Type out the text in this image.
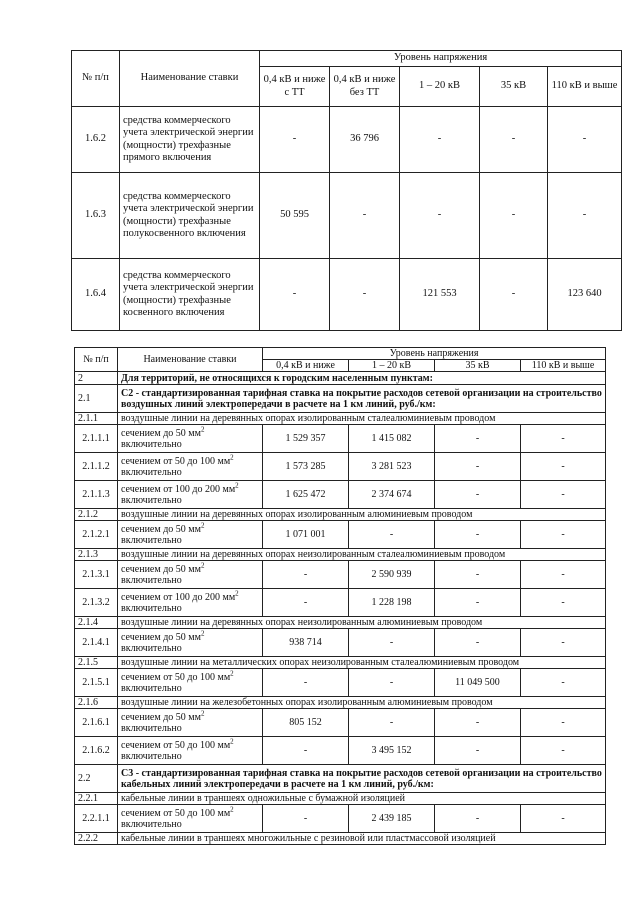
№ п/п	Наименование ставки	Уровень напряжения				
		0,4 кВ и ниже с ТТ	0,4 кВ и ниже без ТТ	1 – 20 кВ	35 кВ	110 кВ и выше
1.6.2	средства коммерческого учета электрической энергии (мощности) трехфазные прямого включения	-	36 796	-	-	-
1.6.3	средства коммерческого учета электрической энергии (мощности) трехфазные полукосвенного включения	50 595	-	-	-	-
1.6.4	средства коммерческого учета электрической энергии (мощности) трехфазные косвенного включения	-	-	121 553	-	123 640
№ п/п	Наименование ставки	Уровень напряжения			
		0,4 кВ и ниже	1 – 20 кВ	35 кВ	110 кВ и выше
2	Для территорий, не относящихся к городским населенным пунктам:				
2.1	С2 - стандартизированная тарифная ставка на покрытие расходов сетевой организации на строительство воздушных линий электропередачи в расчете на 1 км линий, руб./км:				
2.1.1	воздушные линии на деревянных опорах изолированным сталеалюминиевым проводом				
2.1.1.1	сечением до 50 $мм^2$ включительно	1 529 357	1 415 082	-	-
2.1.1.2	сечением от 50 до 100 $мм^2$ включительно	1 573 285	3 281 523	-	-
2.1.1.3	сечением от 100 до 200 $мм^2$ включительно	1 625 472	2 374 674	-	-
2.1.2	воздушные линии на деревянных опорах изолированным алюминиевым проводом				
2.1.2.1	сечением до 50 $мм^2$ включительно	1 071 001	-	-	-
2.1.3	воздушные линии на деревянных опорах неизолированным сталеалюминиевым проводом				
2.1.3.1	сечением до 50 $мм^2$ включительно	-	2 590 939	-	-
2.1.3.2	сечением от 100 до 200 $мм^2$ включительно	-	1 228 198	-	-
2.1.4	воздушные линии на деревянных опорах неизолированным алюминиевым проводом				
2.1.4.1	сечением до 50 $мм^2$ включительно	938 714	-	-	-
2.1.5	воздушные линии на металлических опорах неизолированным сталеалюминиевым проводом				
2.1.5.1	сечением от 50 до 100 $мм^2$ включительно	-	-	11 049 500	-
2.1.6	воздушные линии на железобетонных опорах изолированным алюминиевым проводом				
2.1.6.1	сечением до 50 $мм^2$ включительно	805 152	-	-	-
2.1.6.2	сечением от 50 до 100 $мм^2$ включительно	-	3 495 152	-	-
2.2	С3 - стандартизированная тарифная ставка на покрытие расходов сетевой организации на строительство кабельных линий электропередачи в расчете на 1 км линий, руб./км:				
2.2.1	кабельные линии в траншеях одножильные с бумажной изоляцией				
2.2.1.1	сечением от 50 до 100 $мм^2$ включительно	-	2 439 185	-	-
2.2.2	кабельные линии в траншеях многожильные с резиновой или пластмассовой изоляцией				
